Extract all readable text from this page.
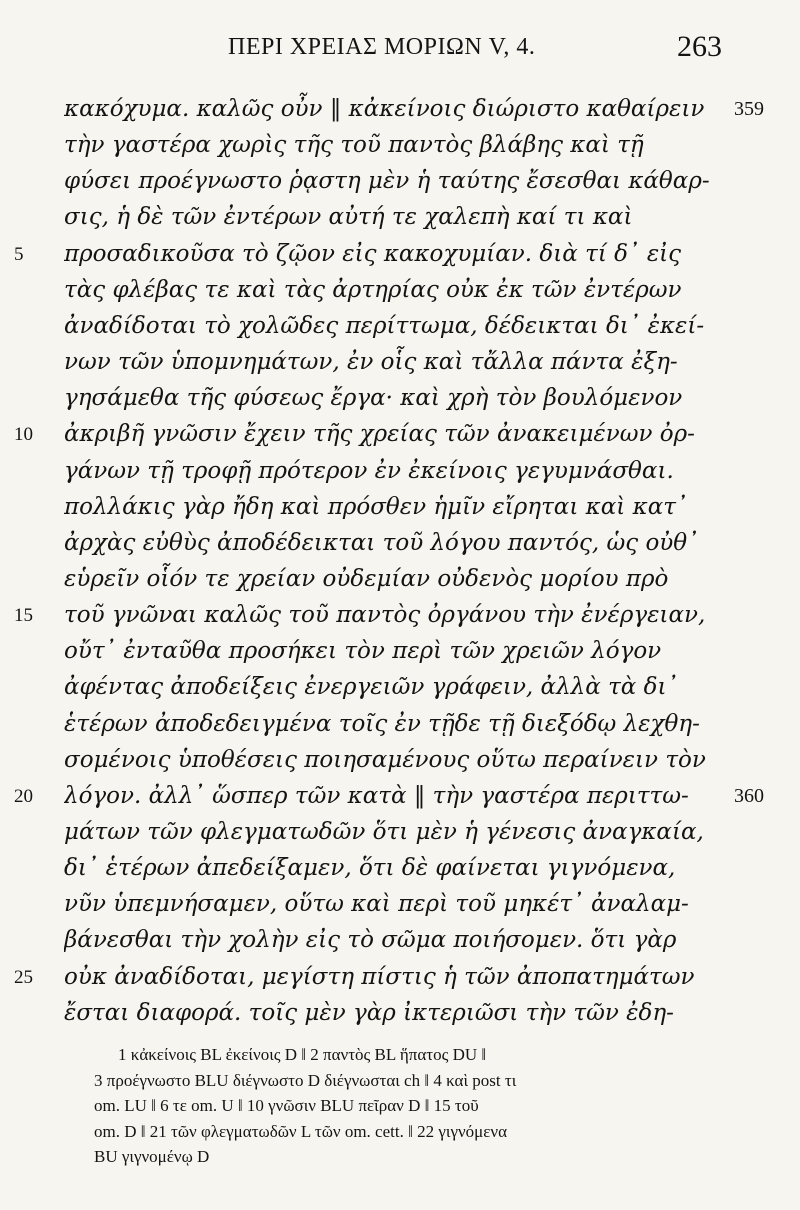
ΠΕΡΙ ΧΡΕΙΑΣ ΜΟΡΙΩΝ V, 4.	263
κακόχυμα. καλῶς οὖν ‖ κἀκείνοις διώριστο καθαίρειν	359
τὴν γαστέρα χωρὶς τῆς τοῦ παντὸς βλάβης καὶ τῇ
φύσει προέγνωστο ῥᾳστη μὲν ἡ ταύτης ἔσεσθαι κάθαρ-
σις, ἡ δὲ τῶν ἐντέρων αὐτή τε χαλεπὴ καί τι καὶ
5	προσαδικοῦσα τὸ ζῷον εἰς κακοχυμίαν. διὰ τί δ᾽ εἰς
τὰς φλέβας τε καὶ τὰς ἀρτηρίας οὐκ ἐκ τῶν ἐντέρων
ἀναδίδοται τὸ χολῶδες περίττωμα, δέδεικται δι᾽ ἐκεί-
νων τῶν ὑπομνημάτων, ἐν οἷς καὶ τἄλλα πάντα ἐξη-
γησάμεθα τῆς φύσεως ἔργα· καὶ χρὴ τὸν βουλόμενον
10	ἀκριβῆ γνῶσιν ἔχειν τῆς χρείας τῶν ἀνακειμένων ὀρ-
γάνων τῇ τροφῇ πρότερον ἐν ἐκείνοις γεγυμνάσθαι.
πολλάκις γὰρ ἤδη καὶ πρόσθεν ἡμῖν εἴρηται καὶ κατ᾽
ἀρχὰς εὐθὺς ἀποδέδεικται τοῦ λόγου παντός, ὡς οὐθ᾽
εὑρεῖν οἷόν τε χρείαν οὐδεμίαν οὐδενὸς μορίου πρὸ
15	τοῦ γνῶναι καλῶς τοῦ παντὸς ὀργάνου τὴν ἐνέργειαν,
οὔτ᾽ ἐνταῦθα προσήκει τὸν περὶ τῶν χρειῶν λόγον
ἀφέντας ἀποδείξεις ἐνεργειῶν γράφειν, ἀλλὰ τὰ δι᾽
ἑτέρων ἀποδεδειγμένα τοῖς ἐν τῇδε τῇ διεξόδῳ λεχθη-
σομένοις ὑποθέσεις ποιησαμένους οὕτω περαίνειν τὸν
20	λόγον. ἀλλ᾽ ὥσπερ τῶν κατὰ ‖ τὴν γαστέρα περιττω-	360
μάτων τῶν φλεγματωδῶν ὅτι μὲν ἡ γένεσις ἀναγκαία,
δι᾽ ἑτέρων ἀπεδείξαμεν, ὅτι δὲ φαίνεται γιγνόμενα,
νῦν ὑπεμνήσαμεν, οὕτω καὶ περὶ τοῦ μηκέτ᾽ ἀναλαμ-
βάνεσθαι τὴν χολὴν εἰς τὸ σῶμα ποιήσομεν. ὅτι γὰρ
25	οὐκ ἀναδίδοται, μεγίστη πίστις ἡ τῶν ἀποπατημάτων
ἔσται διαφορά. τοῖς μὲν γὰρ ἰκτεριῶσι τὴν τῶν ἐδη-
1 κἀκείνοις BL ἐκείνοις D ‖ 2 παντὸς BL ἥπατος DU ‖
3 προέγνωστο BLU διέγνωστο D διέγνωσται ch ‖ 4 καὶ post τι
om. LU ‖ 6 τε om. U ‖ 10 γνῶσιν BLU πεῖραν D ‖ 15 τοῦ
om. D ‖ 21 τῶν φλεγματωδῶν L τῶν om. cett. ‖ 22 γιγνόμενα
BU γιγνομένῳ D
